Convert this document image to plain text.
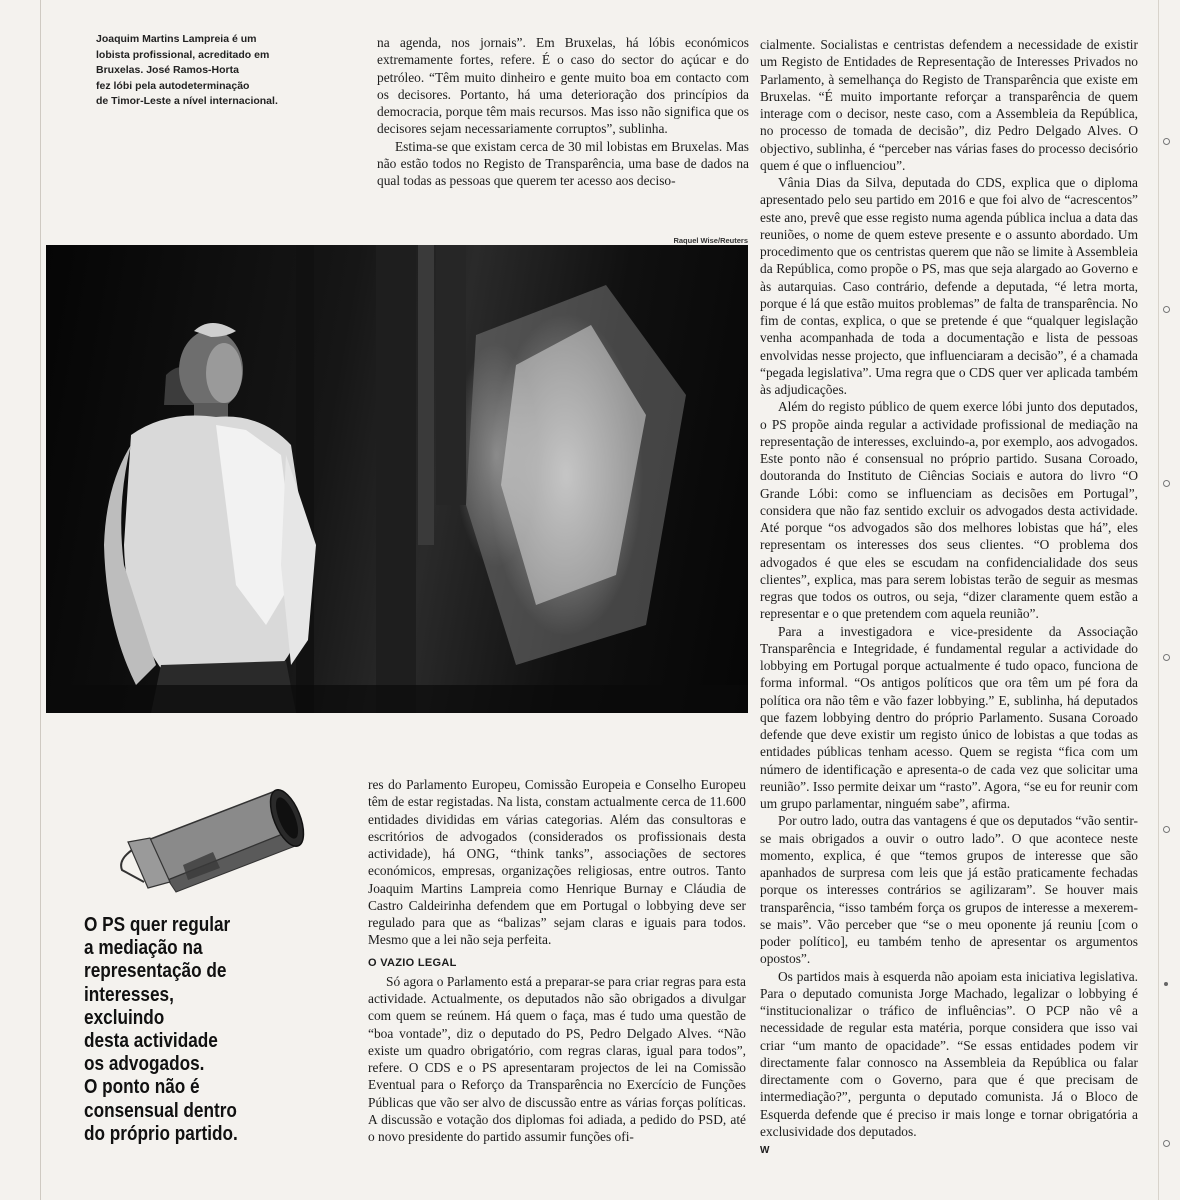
Joaquim Martins Lampreia é um
lobista profissional, acreditado em
Bruxelas. José Ramos-Horta
fez lóbi pela autodeterminação
de Timor-Leste a nível internacional.

na agenda, nos jornais”. Em Bruxelas, há lóbis económicos extremamente fortes, refere. É o caso do sector do açúcar e do petróleo. “Têm muito dinheiro e gente muito boa em contacto com os decisores. Portanto, há uma deterioração dos princípios da democracia, porque têm mais recursos. Mas isso não significa que os decisores sejam necessariamente corruptos”, sublinha.

Estima-se que existam cerca de 30 mil lobistas em Bruxelas. Mas não estão todos no Registo de Transparência, uma base de dados na qual todas as pessoas que querem ter acesso aos deciso-

Raquel Wise/Reuters
O PS quer regular
a mediação na
representação de
interesses, excluindo
desta actividade
os advogados.
O ponto não é
consensual dentro
do próprio partido.

res do Parlamento Europeu, Comissão Europeia e Conselho Europeu têm de estar registadas. Na lista, constam actualmente cerca de 11.600 entidades divididas em várias categorias. Além das consultoras e escritórios de advogados (considerados os profissionais desta actividade), há ONG, “think tanks”, associações de sectores económicos, empresas, organizações religiosas, entre outros. Tanto Joaquim Martins Lampreia como Henrique Burnay e Cláudia de Castro Caldeirinha defendem que em Portugal o lobbying deve ser regulado para que as “balizas” sejam claras e iguais para todos. Mesmo que a lei não seja perfeita.

O VAZIO LEGAL

Só agora o Parlamento está a preparar-se para criar regras para esta actividade. Actualmente, os deputados não são obrigados a divulgar com quem se reúnem. Há quem o faça, mas é tudo uma questão de “boa vontade”, diz o deputado do PS, Pedro Delgado Alves. “Não existe um quadro obrigatório, com regras claras, igual para todos”, refere. O CDS e o PS apresentaram projectos de lei na Comissão Eventual para o Reforço da Transparência no Exercício de Funções Públicas que vão ser alvo de discussão entre as várias forças políticas. A discussão e votação dos diplomas foi adiada, a pedido do PSD, até o novo presidente do partido assumir funções ofi-

cialmente. Socialistas e centristas defendem a necessidade de existir um Registo de Entidades de Representação de Interesses Privados no Parlamento, à semelhança do Registo de Transparência que existe em Bruxelas. “É muito importante reforçar a transparência de quem interage com o decisor, neste caso, com a Assembleia da República, no processo de tomada de decisão”, diz Pedro Delgado Alves. O objectivo, sublinha, é “perceber nas várias fases do processo decisório quem é que o influenciou”.

Vânia Dias da Silva, deputada do CDS, explica que o diploma apresentado pelo seu partido em 2016 e que foi alvo de “acrescentos” este ano, prevê que esse registo numa agenda pública inclua a data das reuniões, o nome de quem esteve presente e o assunto abordado. Um procedimento que os centristas querem que não se limite à Assembleia da República, como propõe o PS, mas que seja alargado ao Governo e às autarquias. Caso contrário, defende a deputada, “é letra morta, porque é lá que estão muitos problemas” de falta de transparência. No fim de contas, explica, o que se pretende é que “qualquer legislação venha acompanhada de toda a documentação e lista de pessoas envolvidas nesse projecto, que influenciaram a decisão”, é a chamada “pegada legislativa”. Uma regra que o CDS quer ver aplicada também às adjudicações.

Além do registo público de quem exerce lóbi junto dos deputados, o PS propõe ainda regular a actividade profissional de mediação na representação de interesses, excluindo-a, por exemplo, aos advogados. Este ponto não é consensual no próprio partido. Susana Coroado, doutoranda do Instituto de Ciências Sociais e autora do livro “O Grande Lóbi: como se influenciam as decisões em Portugal”, considera que não faz sentido excluir os advogados desta actividade. Até porque “os advogados são dos melhores lobistas que há”, eles representam os interesses dos seus clientes. “O problema dos advogados é que eles se escudam na confidencialidade dos seus clientes”, explica, mas para serem lobistas terão de seguir as mesmas regras que todos os outros, ou seja, “dizer claramente quem estão a representar e o que pretendem com aquela reunião”.

Para a investigadora e vice-presidente da Associação Transparência e Integridade, é fundamental regular a actividade do lobbying em Portugal porque actualmente é tudo opaco, funciona de forma informal. “Os antigos políticos que ora têm um pé fora da política ora não têm e vão fazer lobbying.” E, sublinha, há deputados que fazem lobbying dentro do próprio Parlamento. Susana Coroado defende que deve existir um registo único de lobistas a que todas as entidades públicas tenham acesso. Quem se regista “fica com um número de identificação e apresenta-o de cada vez que solicitar uma reunião”. Isso permite deixar um “rasto”. Agora, “se eu for reunir com um grupo parlamentar, ninguém sabe”, afirma.

Por outro lado, outra das vantagens é que os deputados “vão sentir-se mais obrigados a ouvir o outro lado”. O que acontece neste momento, explica, é que “temos grupos de interesse que são apanhados de surpresa com leis que já estão praticamente fechadas porque os interesses contrários se agilizaram”. Se houver mais transparência, “isso também força os grupos de interesse a mexerem-se mais”. Vão perceber que “se o meu oponente já reuniu [com o poder político], eu também tenho de apresentar os argumentos opostos”.

Os partidos mais à esquerda não apoiam esta iniciativa legislativa. Para o deputado comunista Jorge Machado, legalizar o lobbying é “institucionalizar o tráfico de influências”. O PCP não vê a necessidade de regular esta matéria, porque considera que isso vai criar “um manto de opacidade”. “Se essas entidades podem vir directamente falar connosco na Assembleia da República ou falar directamente com o Governo, para que é que precisam de intermediação?”, pergunta o deputado comunista. Já o Bloco de Esquerda defende que é preciso ir mais longe e tornar obrigatória a exclusividade dos deputados.

W
